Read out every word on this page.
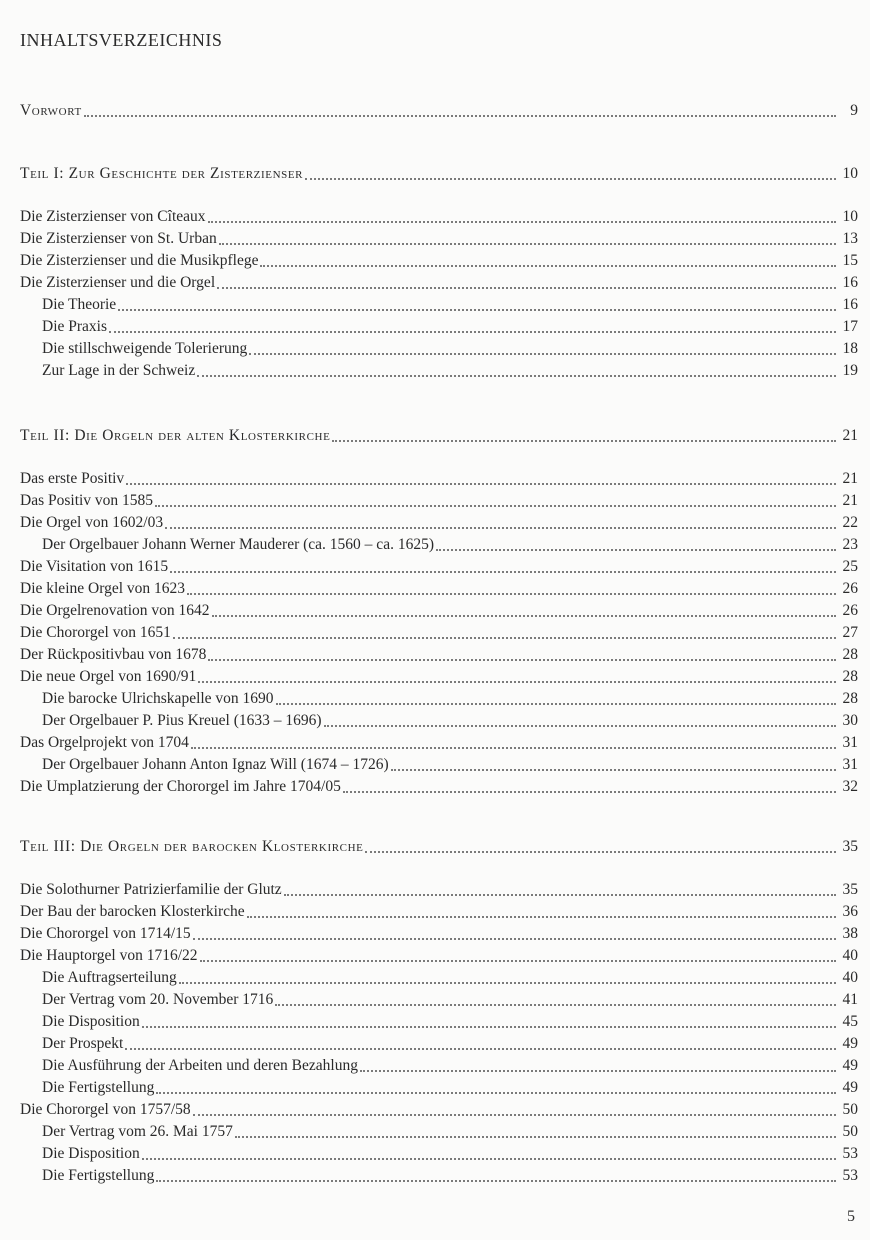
INHALTSVERZEICHNIS
Vorwort	9
Teil I: Zur Geschichte der Zisterzienser	10
Die Zisterzienser von Cîteaux	10
Die Zisterzienser von St. Urban	13
Die Zisterzienser und die Musikpflege	15
Die Zisterzienser und die Orgel	16
Die Theorie	16
Die Praxis	17
Die stillschweigende Tolerierung	18
Zur Lage in der Schweiz	19
Teil II: Die Orgeln der alten Klosterkirche	21
Das erste Positiv	21
Das Positiv von 1585	21
Die Orgel von 1602/03	22
Der Orgelbauer Johann Werner Mauderer (ca. 1560 – ca. 1625)	23
Die Visitation von 1615	25
Die kleine Orgel von 1623	26
Die Orgelrenovation von 1642	26
Die Chororgel von 1651	27
Der Rückpositivbau von 1678	28
Die neue Orgel von 1690/91	28
Die barocke Ulrichskapelle von 1690	28
Der Orgelbauer P. Pius Kreuel (1633 – 1696)	30
Das Orgelprojekt von 1704	31
Der Orgelbauer Johann Anton Ignaz Will (1674 – 1726)	31
Die Umplatzierung der Chororgel im Jahre 1704/05	32
Teil III: Die Orgeln der barocken Klosterkirche	35
Die Solothurner Patrizierfamilie der Glutz	35
Der Bau der barocken Klosterkirche	36
Die Chororgel von 1714/15	38
Die Hauptorgel von 1716/22	40
Die Auftragserteilung	40
Der Vertrag vom 20. November 1716	41
Die Disposition	45
Der Prospekt	49
Die Ausführung der Arbeiten und deren Bezahlung	49
Die Fertigstellung	49
Die Chororgel von 1757/58	50
Der Vertrag vom 26. Mai 1757	50
Die Disposition	53
Die Fertigstellung	53
5
